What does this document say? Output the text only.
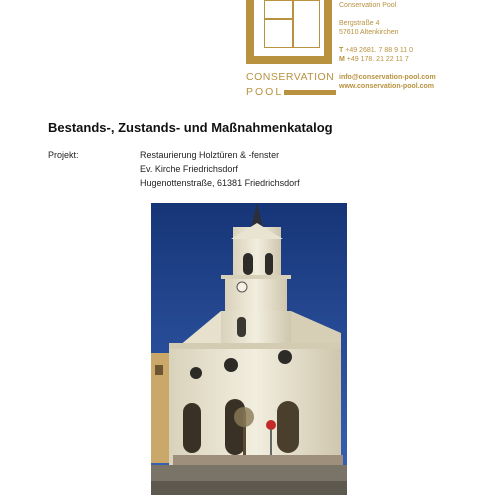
CONSERVATION
POOL
Conservation Pool
Bergstraße 4
57610 Altenkirchen
T +49 2681. 7 88 9 11 0
M +49 178. 21 22 11 7
info@conservation-pool.com
www.conservation-pool.com
Bestands-, Zustands- und Maßnahmenkatalog
Projekt:	Restaurierung Holztüren & -fenster
Ev. Kirche Friedrichsdorf
Hugenottenstraße, 61381 Friedrichsdorf
